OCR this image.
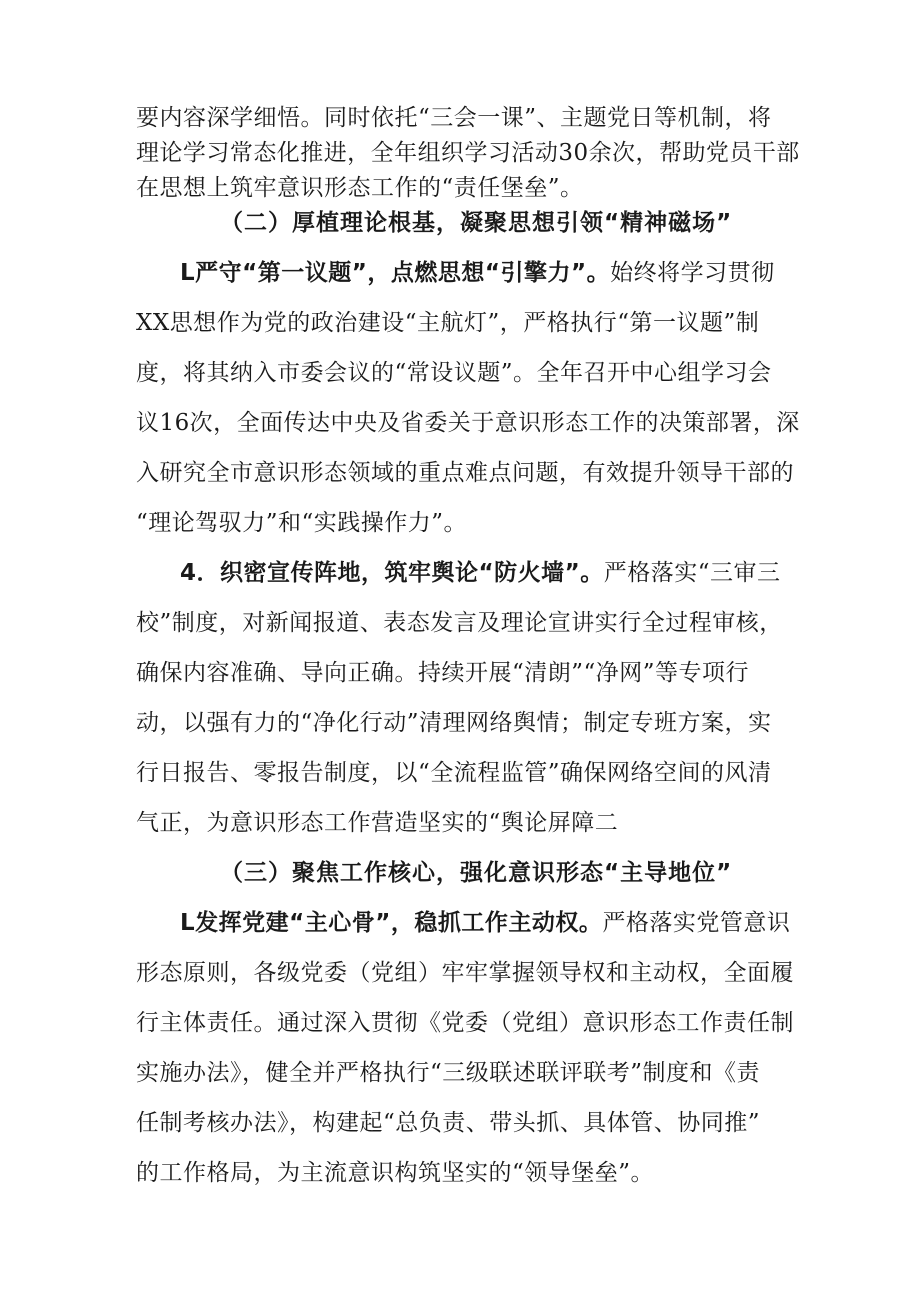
要内容深学细悟。同时依托“三会一课”、主题党日等机制，将
理论学习常态化推进，全年组织学习活动30余次，帮助党员干部
在思想上筑牢意识形态工作的“责任堡垒”。
（二）厚植理论根基，凝聚思想引领“精神磁场”
L严守“第一议题”，点燃思想“引擎力”。始终将学习贯彻
XX思想作为党的政治建设“主航灯”，严格执行“第一议题”制
度，将其纳入市委会议的“常设议题”。全年召开中心组学习会
议16次，全面传达中央及省委关于意识形态工作的决策部署，深
入研究全市意识形态领域的重点难点问题，有效提升领导干部的
“理论驾驭力”和“实践操作力”。
4．织密宣传阵地，筑牢舆论“防火墙”。严格落实“三审三
校”制度，对新闻报道、表态发言及理论宣讲实行全过程审核，
确保内容准确、导向正确。持续开展“清朗”“净网”等专项行
动，以强有力的“净化行动”清理网络舆情；制定专班方案，实
行日报告、零报告制度，以“全流程监管”确保网络空间的风清
气正，为意识形态工作营造坚实的“舆论屏障二
（三）聚焦工作核心，强化意识形态“主导地位”
L发挥党建“主心骨”，稳抓工作主动权。严格落实党管意识
形态原则，各级党委（党组）牢牢掌握领导权和主动权，全面履
行主体责任。通过深入贯彻《党委（党组）意识形态工作责任制
实施办法》，健全并严格执行“三级联述联评联考”制度和《责
任制考核办法》，构建起“总负责、带头抓、具体管、协同推”
的工作格局，为主流意识构筑坚实的“领导堡垒”。
